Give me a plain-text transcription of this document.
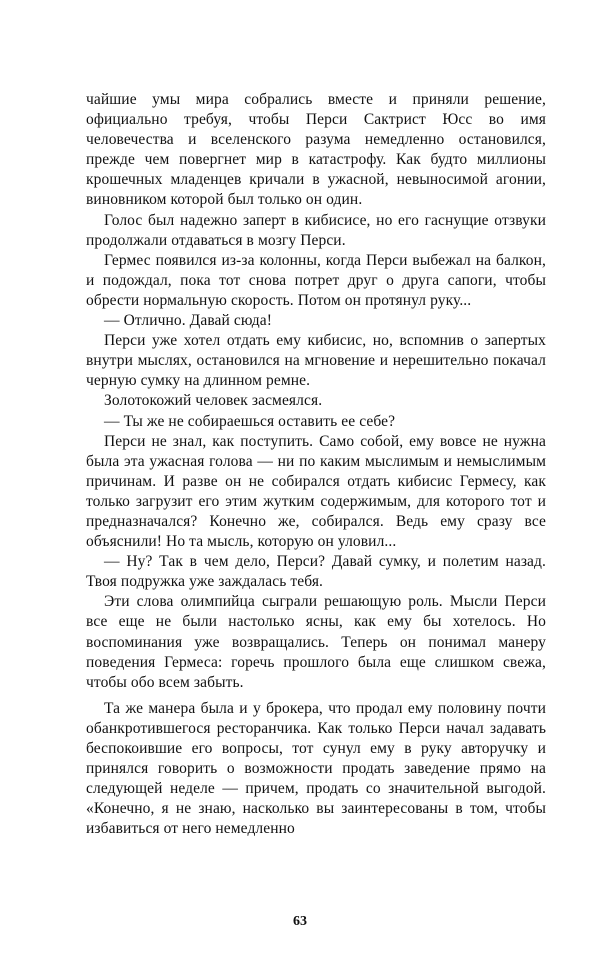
чайшие умы мира собрались вместе и приняли решение, официально требуя, чтобы Перси Сактрист Юсс во имя человечества и вселенского разума немедленно остановился, прежде чем повергнет мир в катастрофу. Как будто миллионы крошечных младенцев кричали в ужасной, невыносимой агонии, виновником которой был только он один.

Голос был надежно заперт в кибисисе, но его гаснущие отзвуки продолжали отдаваться в мозгу Перси.

Гермес появился из-за колонны, когда Перси выбежал на балкон, и подождал, пока тот снова потрет друг о друга сапоги, чтобы обрести нормальную скорость. Потом он протянул руку...

— Отлично. Давай сюда!

Перси уже хотел отдать ему кибисис, но, вспомнив о запертых внутри мыслях, остановился на мгновение и нерешительно покачал черную сумку на длинном ремне.

Золотокожий человек засмеялся.

— Ты же не собираешься оставить ее себе?

Перси не знал, как поступить. Само собой, ему вовсе не нужна была эта ужасная голова — ни по каким мыслимым и немыслимым причинам. И разве он не собирался отдать кибисис Гермесу, как только загрузит его этим жутким содержимым, для которого тот и предназначался? Конечно же, собирался. Ведь ему сразу все объяснили! Но та мысль, которую он уловил...

— Ну? Так в чем дело, Перси? Давай сумку, и полетим назад. Твоя подружка уже заждалась тебя.

Эти слова олимпийца сыграли решающую роль. Мысли Перси все еще не были настолько ясны, как ему бы хотелось. Но воспоминания уже возвращались. Теперь он понимал манеру поведения Гермеса: горечь прошлого была еще слишком свежа, чтобы обо всем забыть.

Та же манера была и у брокера, что продал ему половину почти обанкротившегося ресторанчика. Как только Перси начал задавать беспокоившие его вопросы, тот сунул ему в руку авторучку и принялся говорить о возможности продать заведение прямо на следующей неделе — причем, продать со значительной выгодой. «Конечно, я не знаю, насколько вы заинтересованы в том, чтобы избавиться от него немедленно

63
